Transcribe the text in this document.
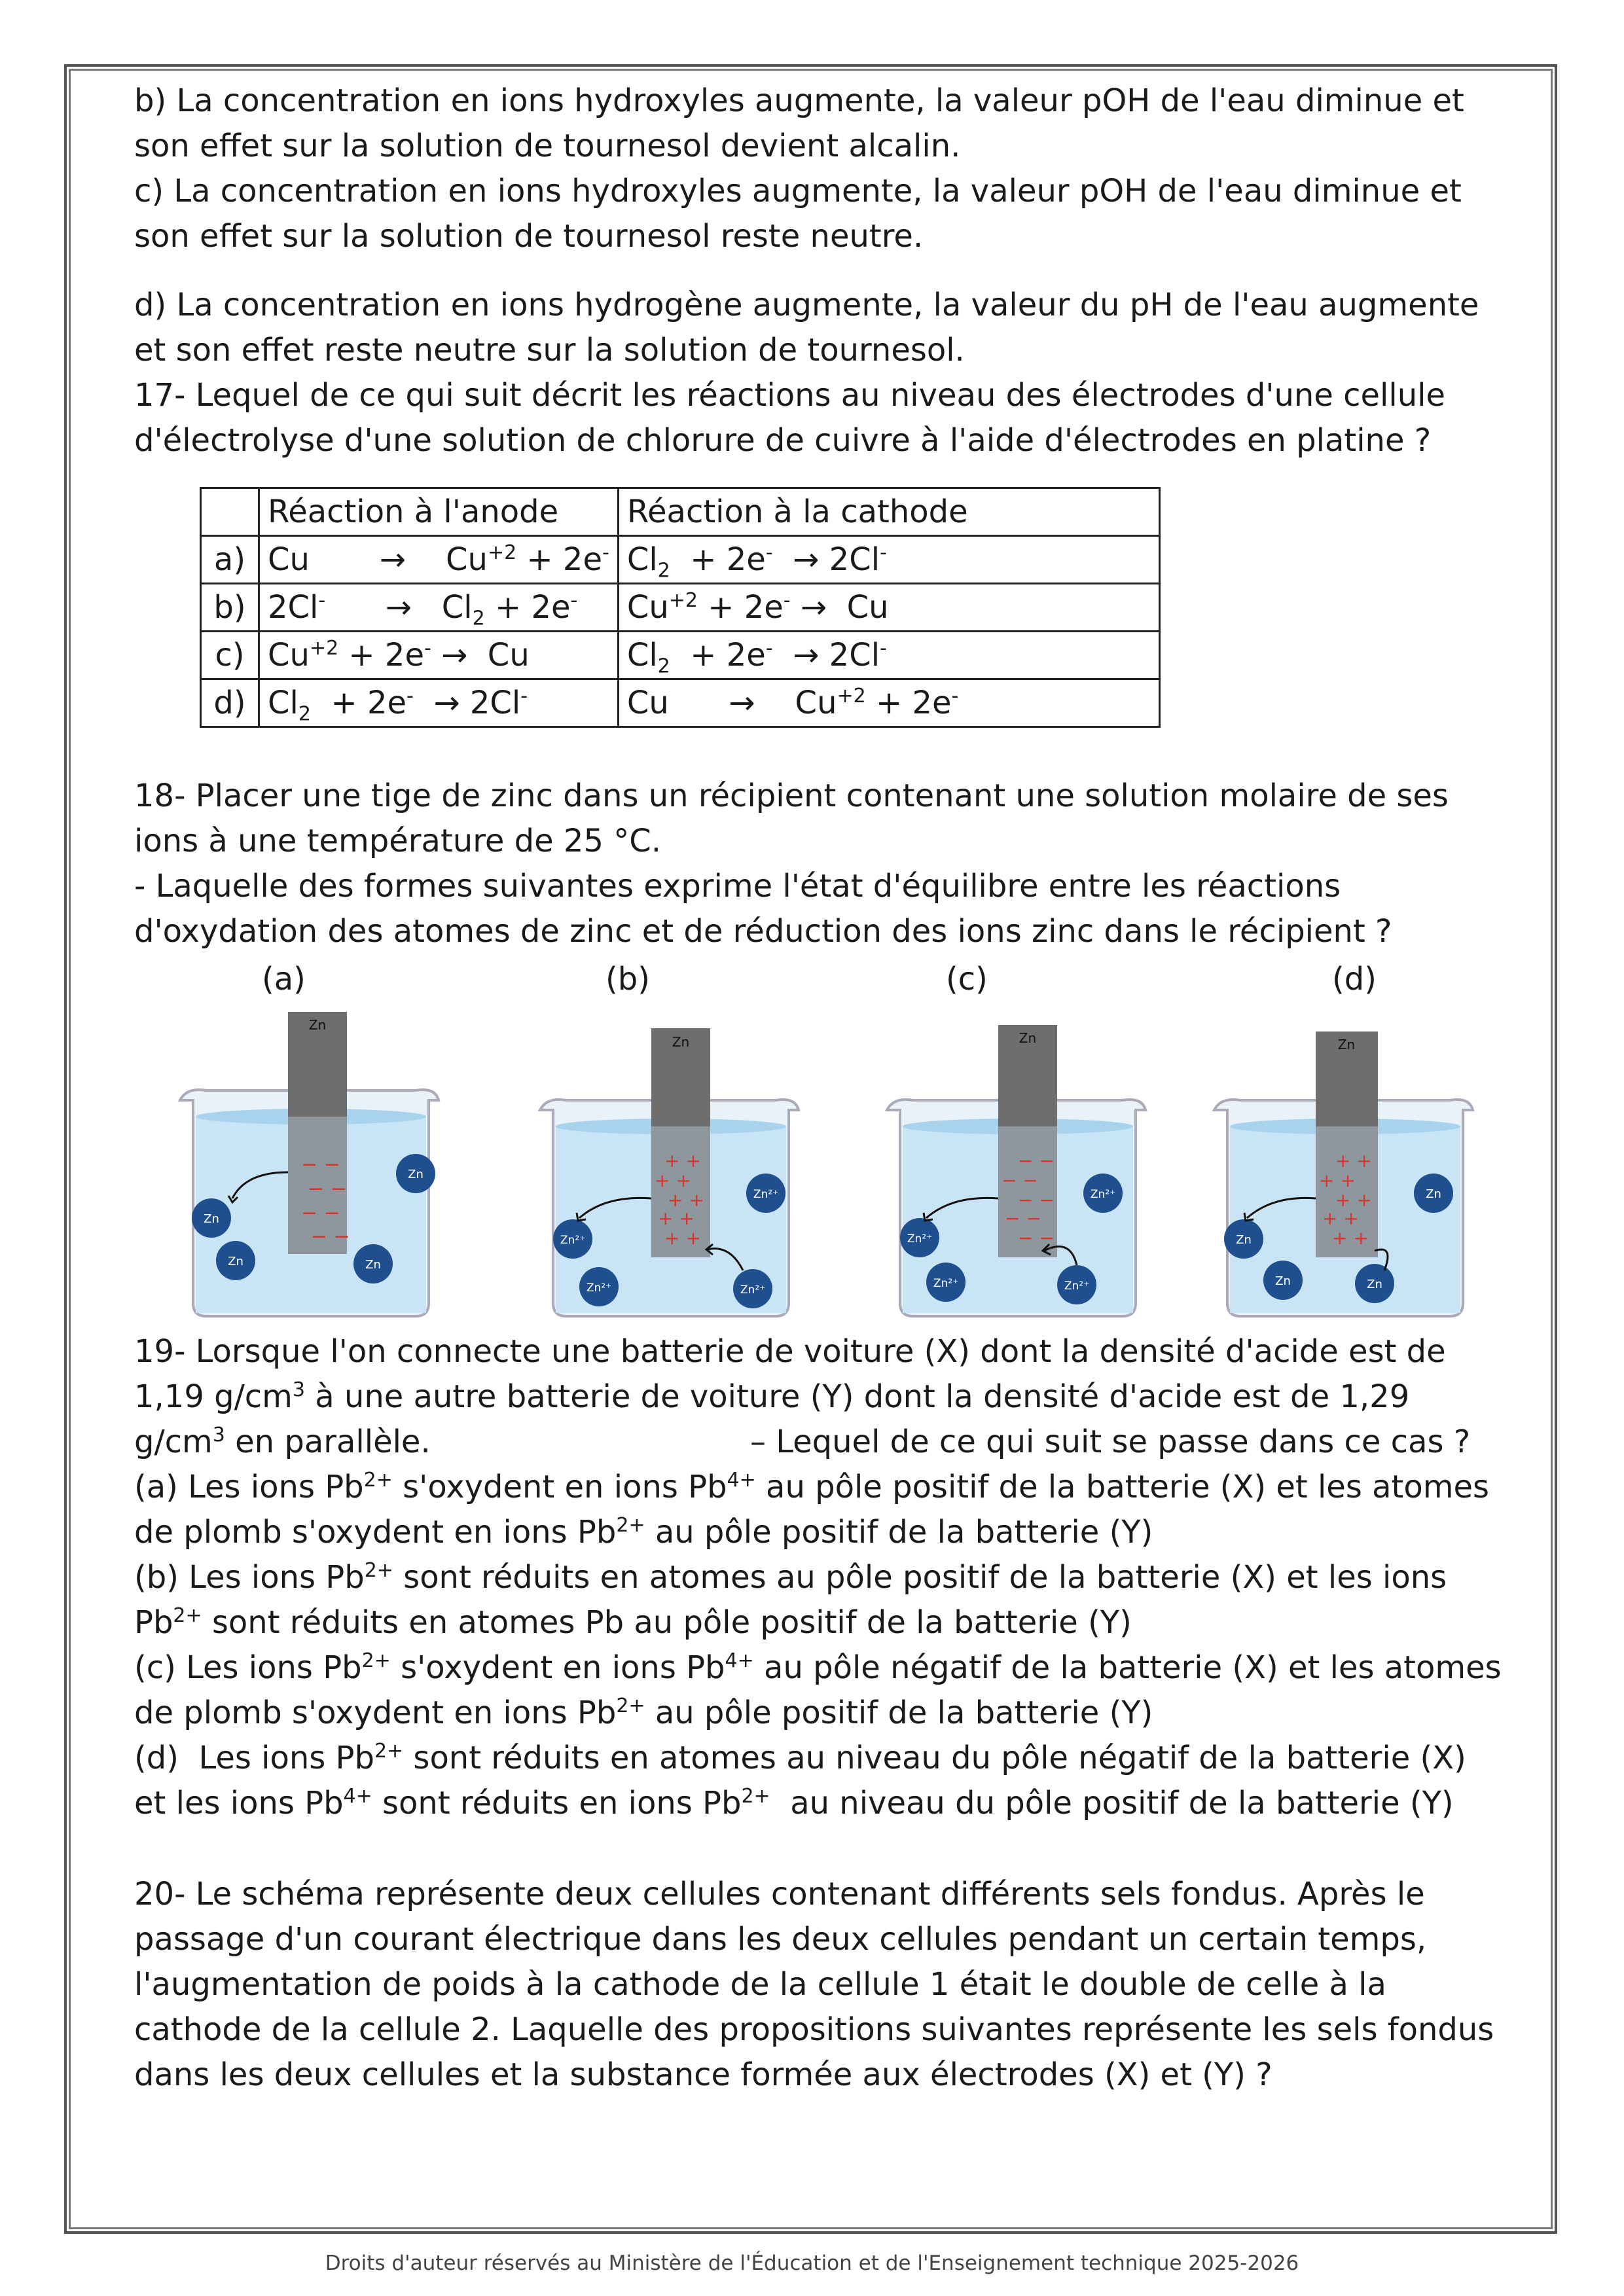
b) La concentration en ions hydroxyles augmente, la valeur pOH de l'eau diminue et son effet sur la solution de tournesol devient alcalin.

c) La concentration en ions hydroxyles augmente, la valeur pOH de l'eau diminue et son effet sur la solution de tournesol reste neutre.

d) La concentration en ions hydrogène augmente, la valeur du pH de l'eau augmente et son effet reste neutre sur la solution de tournesol.

17- Lequel de ce qui suit décrit les réactions au niveau des électrodes d'une cellule d'électrolyse d'une solution de chlorure de cuivre à l'aide d'électrodes en platine ?

	Réaction à l'anode	Réaction à la cathode
a)	Cu       →    $Cu^{+2} + 2e^-$	$Cl_2 + 2e^- \to 2Cl^-$
b)	2Cl-      →   $Cl_2 + 2e^-$	$Cu^{+2} + 2e^- \to Cu$
c)	$Cu^{+2} + 2e^- \to Cu$	$Cl_2 + 2e^- \to 2Cl^-$
d)	$Cl_2 + 2e^- \to 2Cl^-$	Cu      →    $Cu^{+2} + 2e^-$

18- Placer une tige de zinc dans un récipient contenant une solution molaire de ses ions à une température de 25 °C.

- Laquelle des formes suivantes exprime l'état d'équilibre entre les réactions d'oxydation des atomes de zinc et de réduction des ions zinc dans le récipient ?

(a)	(b)	(c)	(d)
Zn
− −
− −
− −
− −
Zn
Zn
Zn	Zn
Zn
+ +
+ +
+ +
+ +
+ +
Zn²⁺
Zn²⁺
Zn²⁺	Zn²⁺
Zn
− −
− −
− −
− −
− −
Zn²⁺
Zn²⁺
Zn²⁺	Zn²⁺
Zn
+ +
+ +
+ +
+ +
+ +
Zn
Zn
Zn	Zn

19- Lorsque l'on connecte une batterie de voiture (X) dont la densité d'acide est de 1,19 $g/cm^3$ à une autre batterie de voiture (Y) dont la densité d'acide est de 1,29 $g/cm^3$ en parallèle.	– Lequel de ce qui suit se passe dans ce cas ?

(a) Les ions $Pb^{2+}$ s'oxydent en ions $Pb^{4+}$ au pôle positif de la batterie (X) et les atomes de plomb s'oxydent en ions $Pb^{2+}$ au pôle positif de la batterie (Y)

(b) Les ions $Pb^{2+}$ sont réduits en atomes au pôle positif de la batterie (X) et les ions $Pb^{2+}$ sont réduits en atomes Pb au pôle positif de la batterie (Y)

(c) Les ions $Pb^{2+}$ s'oxydent en ions $Pb^{4+}$ au pôle négatif de la batterie (X) et les atomes de plomb s'oxydent en ions $Pb^{2+}$ au pôle positif de la batterie (Y)

(d)  Les ions $Pb^{2+}$ sont réduits en atomes au niveau du pôle négatif de la batterie (X)  et les ions $Pb^{4+}$ sont réduits en ions $Pb^{2+}$  au niveau du pôle positif de la batterie (Y)

20- Le schéma représente deux cellules contenant différents sels fondus. Après le passage d'un courant électrique dans les deux cellules pendant un certain temps, l'augmentation de poids à la cathode de la cellule 1 était le double de celle à la cathode de la cellule 2. Laquelle des propositions suivantes représente les sels fondus dans les deux cellules et la substance formée aux électrodes (X) et (Y) ?

Droits d'auteur réservés au Ministère de l'Éducation et de l'Enseignement technique 2025-2026
